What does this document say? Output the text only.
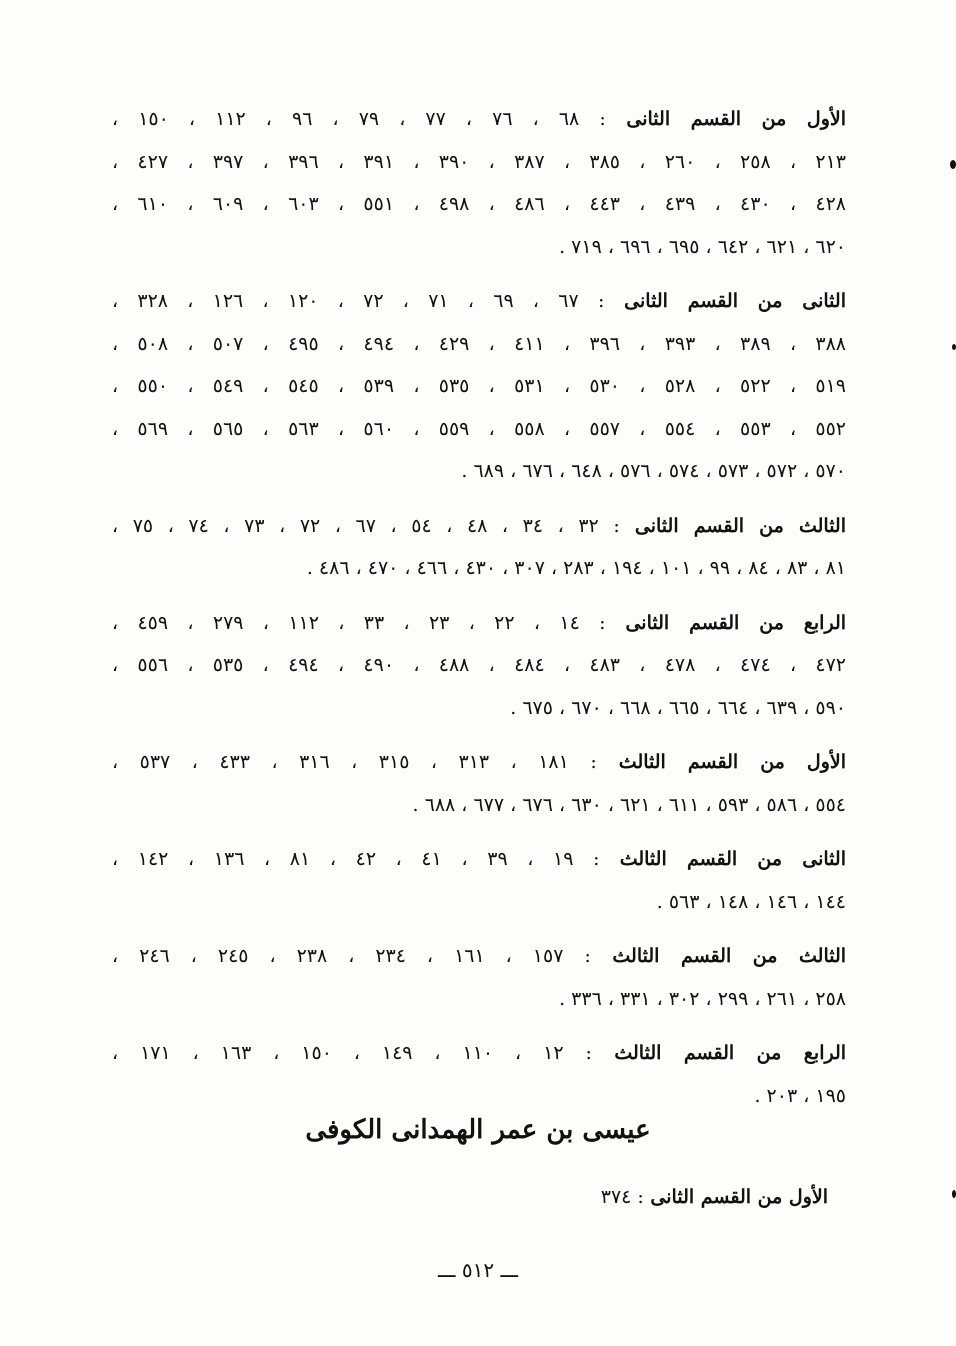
الأول من القسم الثانى : ٦٨ ، ٧٦ ، ٧٧ ، ٧٩ ، ٩٦ ، ١١٢ ، ١٥٠ ،
٢١٣ ، ٢٥٨ ، ٢٦٠ ، ٣٨٥ ، ٣٨٧ ، ٣٩٠ ، ٣٩١ ، ٣٩٦ ، ٣٩٧ ، ٤٢٧ ،
٤٢٨ ، ٤٣٠ ، ٤٣٩ ، ٤٤٣ ، ٤٨٦ ، ٤٩٨ ، ٥٥١ ، ٦٠٣ ، ٦٠٩ ، ٦١٠ ،
٦٢٠ ، ٦٢١ ، ٦٤٢ ، ٦٩٥ ، ٦٩٦ ، ٧١٩ .
الثانى من القسم الثانى : ٦٧ ، ٦٩ ، ٧١ ، ٧٢ ، ١٢٠ ، ١٢٦ ، ٣٢٨ ،
٣٨٨ ، ٣٨٩ ، ٣٩٣ ، ٣٩٦ ، ٤١١ ، ٤٢٩ ، ٤٩٤ ، ٤٩٥ ، ٥٠٧ ، ٥٠٨ ،
٥١٩ ، ٥٢٢ ، ٥٢٨ ، ٥٣٠ ، ٥٣١ ، ٥٣٥ ، ٥٣٩ ، ٥٤٥ ، ٥٤٩ ، ٥٥٠ ،
٥٥٢ ، ٥٥٣ ، ٥٥٤ ، ٥٥٧ ، ٥٥٨ ، ٥٥٩ ، ٥٦٠ ، ٥٦٣ ، ٥٦٥ ، ٥٦٩ ،
٥٧٠ ، ٥٧٢ ، ٥٧٣ ، ٥٧٤ ، ٥٧٦ ، ٦٤٨ ، ٦٧٦ ، ٦٨٩ .
الثالث من القسم الثانى : ٣٢ ، ٣٤ ، ٤٨ ، ٥٤ ، ٦٧ ، ٧٢ ، ٧٣ ، ٧٤ ، ٧٥ ،
٨١ ، ٨٣ ، ٨٤ ، ٩٩ ، ١٠١ ، ١٩٤ ، ٢٨٣ ، ٣٠٧ ، ٤٣٠ ، ٤٦٦ ، ٤٧٠ ، ٤٨٦ .
الرابع من القسم الثانى : ١٤ ، ٢٢ ، ٢٣ ، ٣٣ ، ١١٢ ، ٢٧٩ ، ٤٥٩ ،
٤٧٢ ، ٤٧٤ ، ٤٧٨ ، ٤٨٣ ، ٤٨٤ ، ٤٨٨ ، ٤٩٠ ، ٤٩٤ ، ٥٣٥ ، ٥٥٦ ،
٥٩٠ ، ٦٣٩ ، ٦٦٤ ، ٦٦٥ ، ٦٦٨ ، ٦٧٠ ، ٦٧٥ .
الأول من القسم الثالث : ١٨١ ، ٣١٣ ، ٣١٥ ، ٣١٦ ، ٤٣٣ ، ٥٣٧ ،
٥٥٤ ، ٥٨٦ ، ٥٩٣ ، ٦١١ ، ٦٢١ ، ٦٣٠ ، ٦٧٦ ، ٦٧٧ ، ٦٨٨ .
الثانى من القسم الثالث : ١٩ ، ٣٩ ، ٤١ ، ٤٢ ، ٨١ ، ١٣٦ ، ١٤٢ ،
١٤٤ ، ١٤٦ ، ١٤٨ ، ٥٦٣ .
الثالث من القسم الثالث : ١٥٧ ، ١٦١ ، ٢٣٤ ، ٢٣٨ ، ٢٤٥ ، ٢٤٦ ،
٢٥٨ ، ٢٦١ ، ٢٩٩ ، ٣٠٢ ، ٣٣١ ، ٣٣٦ .
الرابع من القسم الثالث : ١٢ ، ١١٠ ، ١٤٩ ، ١٥٠ ، ١٦٣ ، ١٧١ ،
١٩٥ ، ٢٠٣ .
عيسى بن عمر الهمدانى الكوفى
الأول من القسم الثانى : ٣٧٤
ـــ ٥١٢ ـــ
